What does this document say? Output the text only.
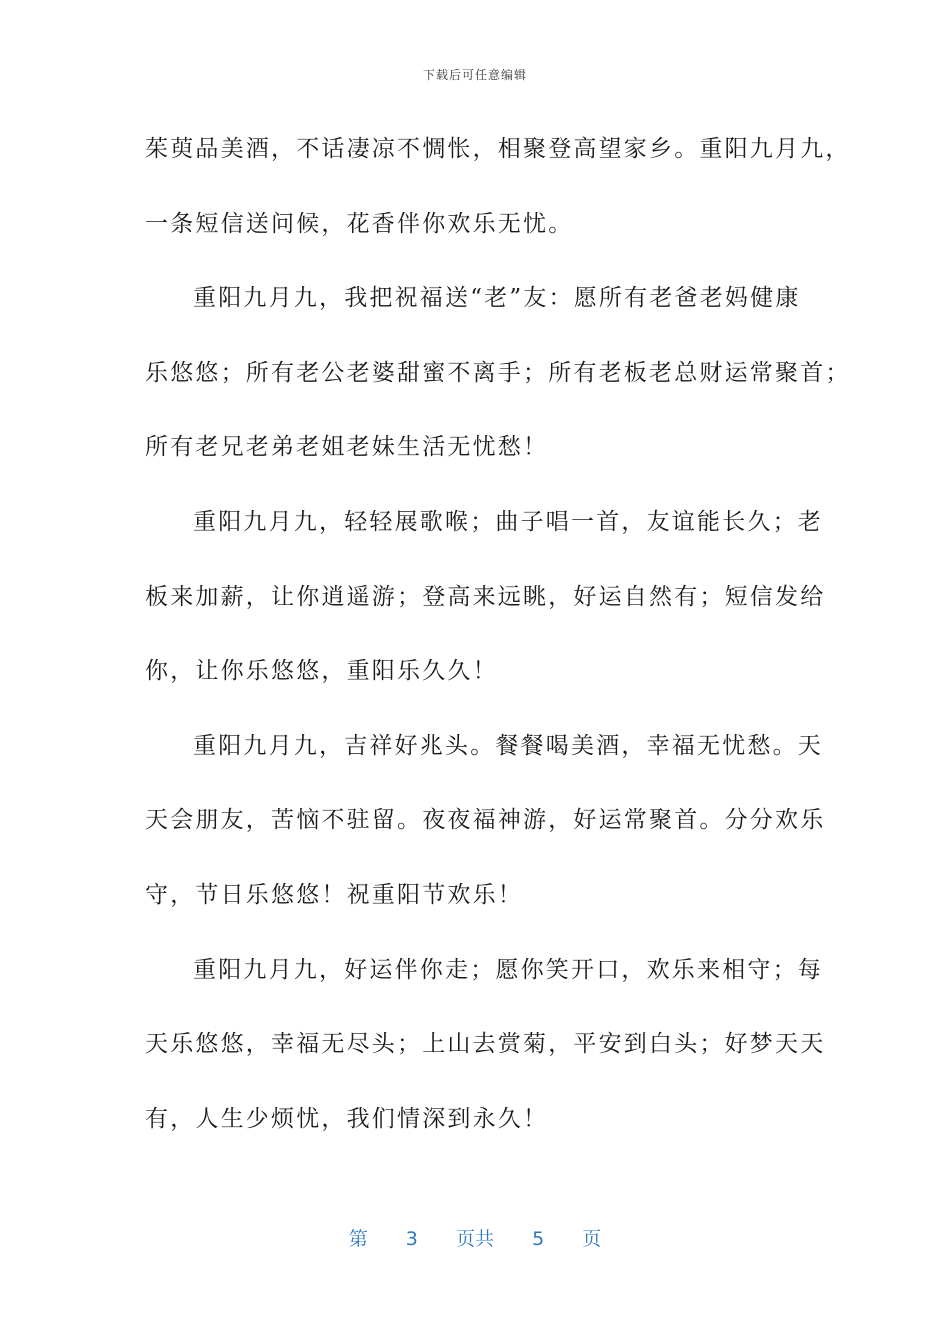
下载后可任意编辑
茱萸品美酒，不话凄凉不惆怅，相聚登高望家乡。重阳九月九，
一条短信送问候，花香伴你欢乐无忧。
重阳九月九，我把祝福送“老”友：愿所有老爸老妈健康
乐悠悠；所有老公老婆甜蜜不离手；所有老板老总财运常聚首；
所有老兄老弟老姐老妹生活无忧愁！
重阳九月九，轻轻展歌喉；曲子唱一首，友谊能长久；老
板来加薪，让你逍遥游；登高来远眺，好运自然有；短信发给
你，让你乐悠悠，重阳乐久久！
重阳九月九，吉祥好兆头。餐餐喝美酒，幸福无忧愁。天
天会朋友，苦恼不驻留。夜夜福神游，好运常聚首。分分欢乐
守，节日乐悠悠！祝重阳节欢乐！
重阳九月九，好运伴你走；愿你笑开口，欢乐来相守；每
天乐悠悠，幸福无尽头；上山去赏菊，平安到白头；好梦天天
有，人生少烦忧，我们情深到永久！
第 3 页共 5 页
